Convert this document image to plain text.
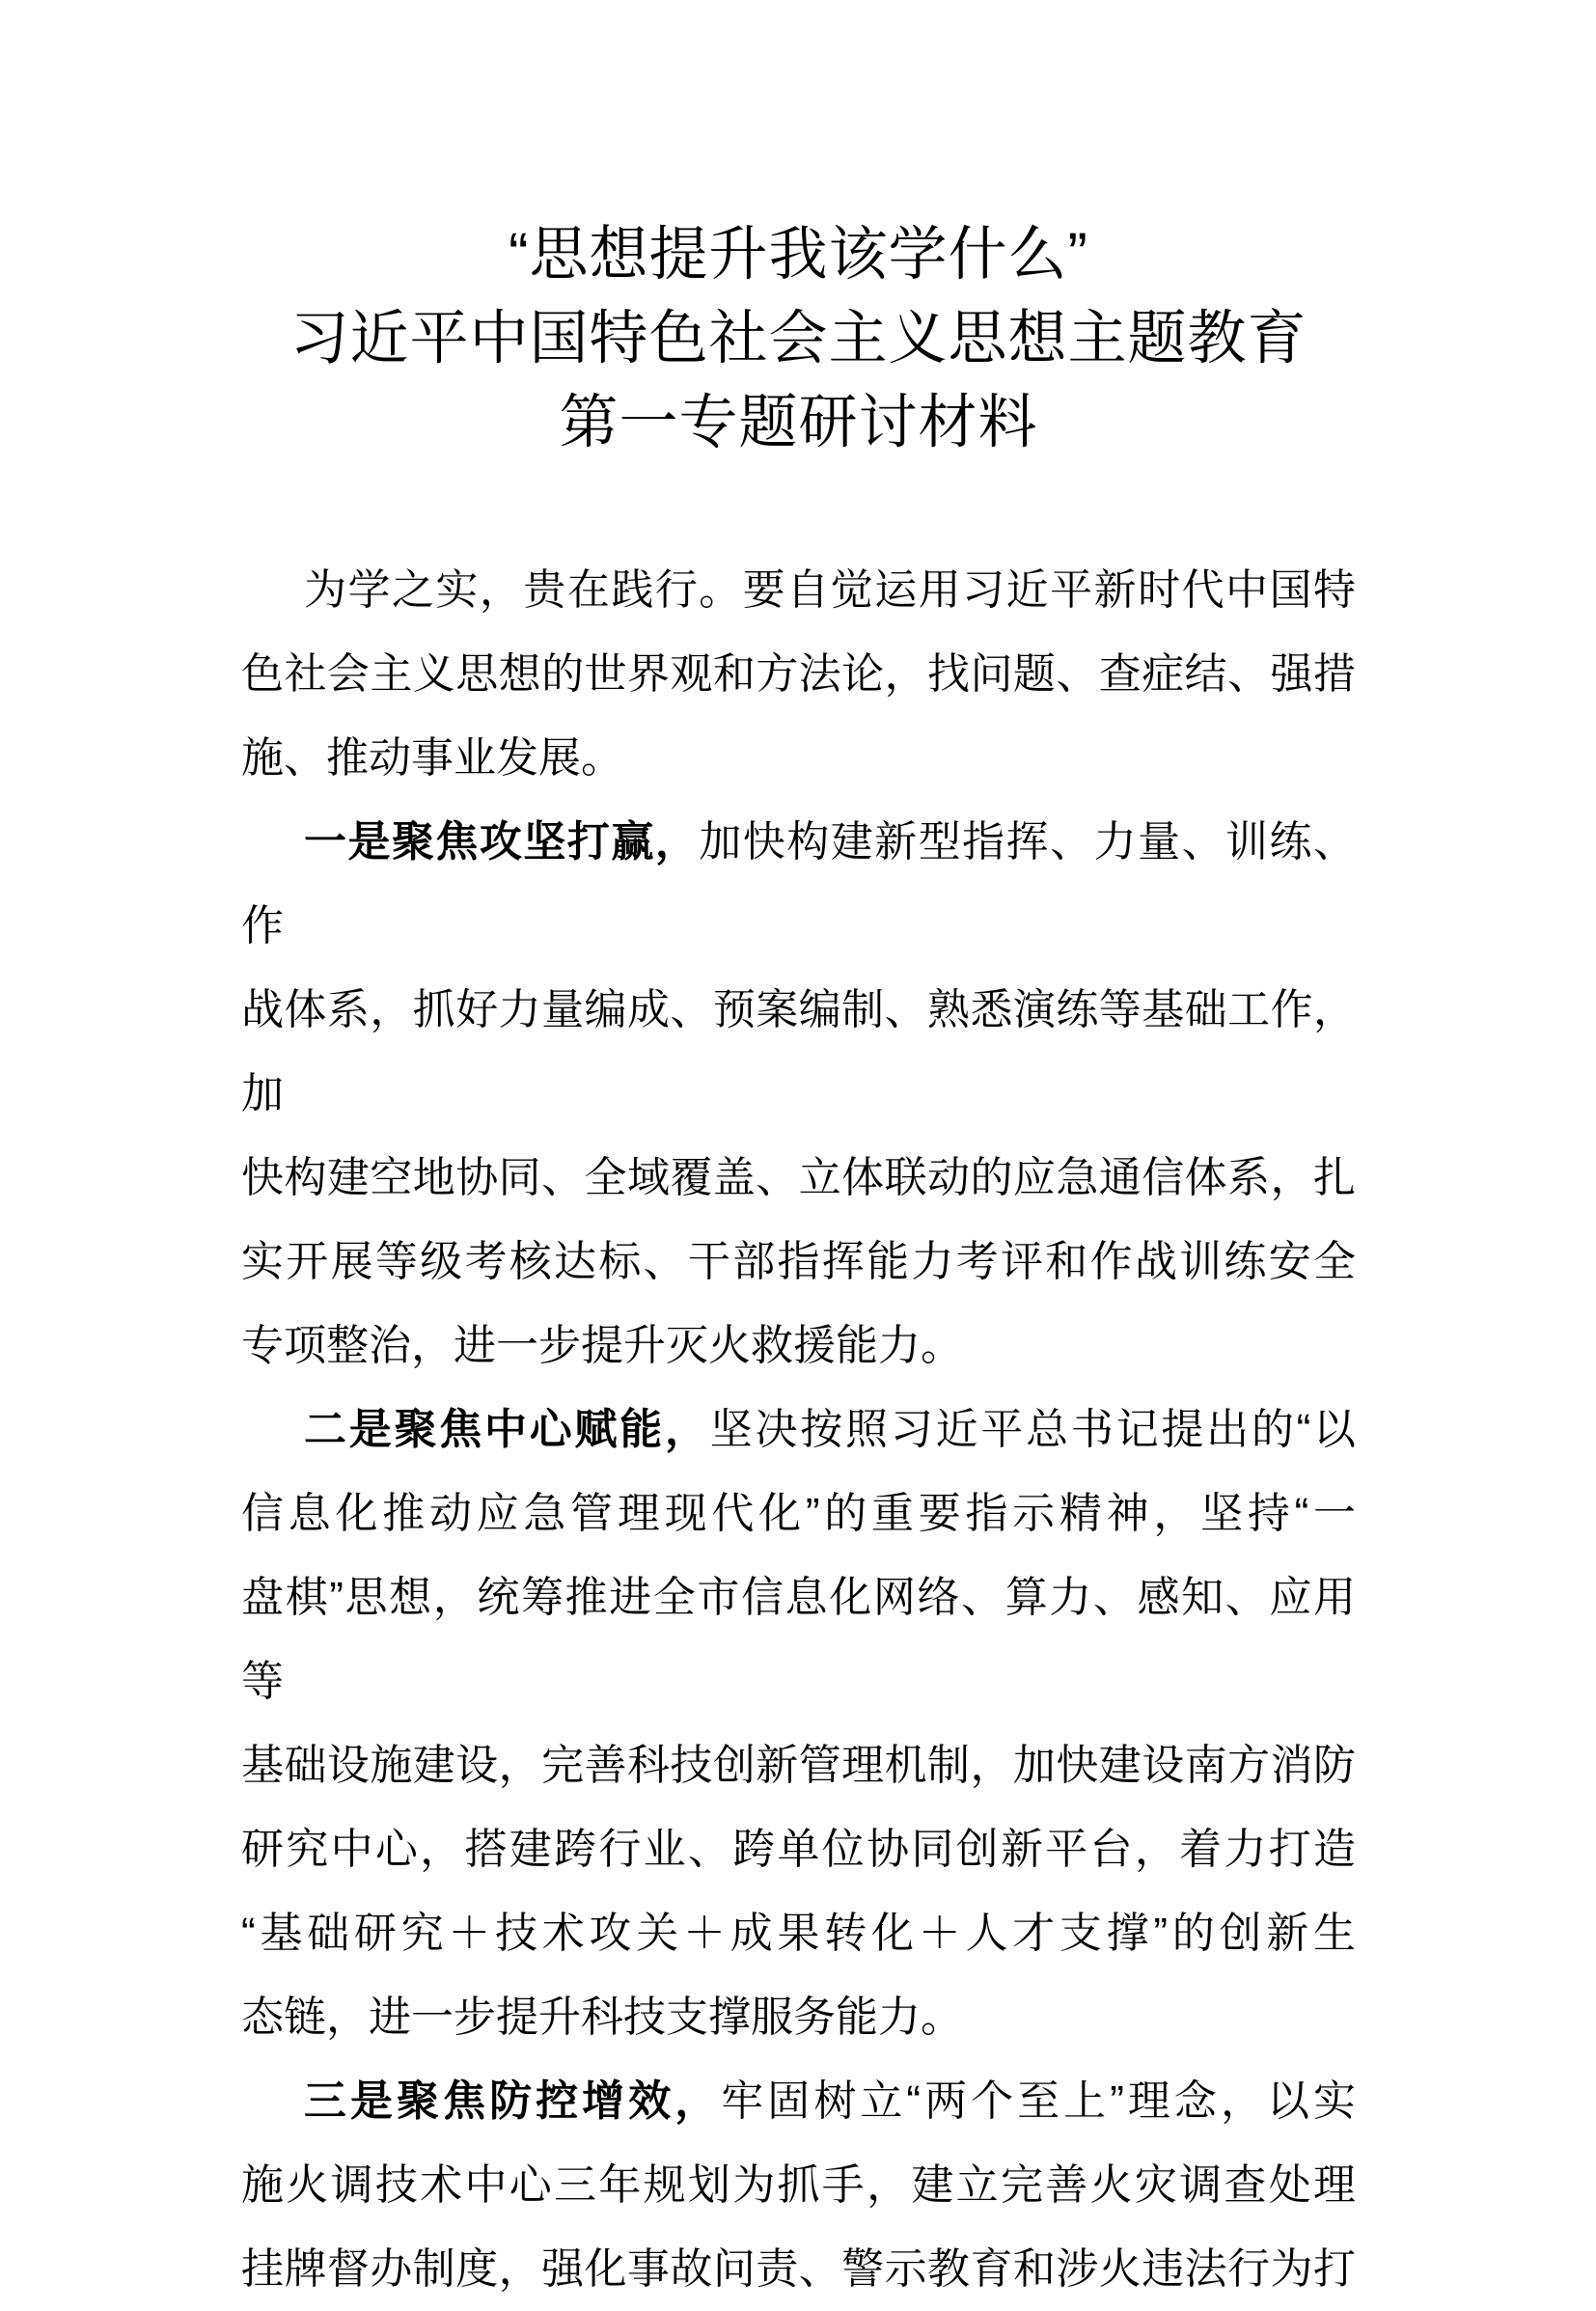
“思想提升我该学什么”
习近平中国特色社会主义思想主题教育
第一专题研讨材料
为学之实，贵在践行。要自觉运用习近平新时代中国特
色社会主义思想的世界观和方法论，找问题、查症结、强措
施、推动事业发展。
一是聚焦攻坚打赢，加快构建新型指挥、力量、训练、作
战体系，抓好力量编成、预案编制、熟悉演练等基础工作，加
快构建空地协同、全域覆盖、立体联动的应急通信体系，扎
实开展等级考核达标、干部指挥能力考评和作战训练安全
专项整治，进一步提升灭火救援能力。
二是聚焦中心赋能，坚决按照习近平总书记提出的“以
信息化推动应急管理现代化”的重要指示精神，坚持“一
盘棋”思想，统筹推进全市信息化网络、算力、感知、应用等
基础设施建设，完善科技创新管理机制，加快建设南方消防
研究中心，搭建跨行业、跨单位协同创新平台，着力打造
“基础研究＋技术攻关＋成果转化＋人才支撑”的创新生
态链，进一步提升科技支撑服务能力。
三是聚焦防控增效，牢固树立“两个至上”理念，以实
施火调技术中心三年规划为抓手，建立完善火灾调查处理
挂牌督办制度，强化事故问责、警示教育和涉火违法行为打
